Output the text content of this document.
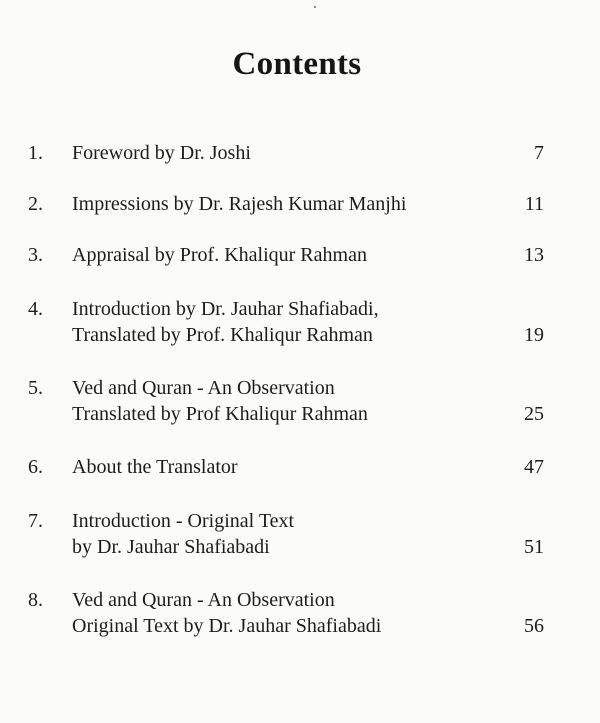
Contents
1. Foreword by Dr. Joshi	7
2. Impressions by Dr. Rajesh Kumar Manjhi	11
3. Appraisal by Prof. Khaliqur Rahman	13
4. Introduction by Dr. Jauhar Shafiabadi,
Translated by Prof. Khaliqur Rahman	19
5. Ved and Quran - An Observation
Translated by Prof Khaliqur Rahman	25
6. About the Translator	47
7. Introduction - Original Text
by Dr. Jauhar Shafiabadi	51
8. Ved and Quran - An Observation
Original Text by Dr. Jauhar Shafiabadi	56
